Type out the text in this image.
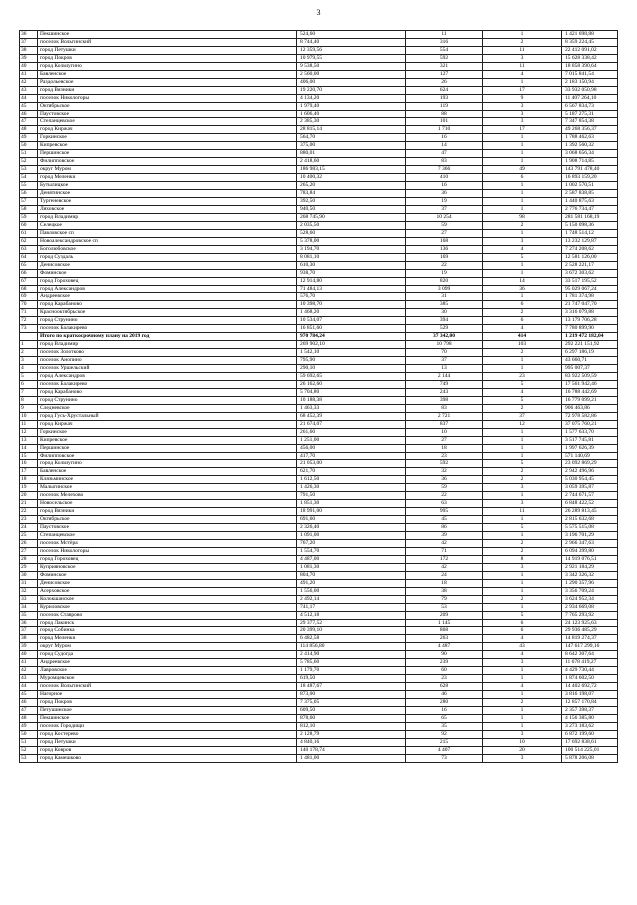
3
36	Пекшинское	524,60	11	1	1 421 698,88
37	поселок Вольгинский	8 744,40	316	2	8 359 224,45
38	город Петушки	12 359,56	554	11	22 412 091,02
39	город Покров	10 979,55	592	3	15 628 338,42
40	город Кольчугино	9 538,50	321	11	18 858 390,64
41	Бавленское	2 560,00	127	4	7 015 841,54
42	Раздольевское	406,00	26	1	2 183 150,94
43	город Вязники	19 220,70	624	17	33 932 050,98
44	поселок Никологоры	4 134,20	193	9	11 407 264,10
45	Октябрьское	1 979,40	119	3	6 567 834,73
46	Паустовское	1 606,40	88	3	5 187 275,31
47	Степанцевское	2 385,30	101	3	7 347 854,38
48	город Киржач	28 815,14	1 710	17	49 268 356,37
49	Горкинское	564,70	16	1	1 788 462,63
50	Кипревское	375,00	14	1	1 392 560,32
51	Першинское	880,01	47	1	3 068 656,34
52	Филипповское	2 418,60	83	1	1 908 714,85
53	округ Муром	186 983,15	7 366	49	143 791 478,40
54	город Меленки	10 400,32	410	6	16 893 159,20
55	Бутылицкое	265,20	16	1	1 002 570,51
56	Денятинское	783,84	36	1	2 587 838,85
57	Тургеневское	392,50	19	1	1 440 875,63
58	Ляховское	940,50	37	1	2 776 734,47
59	город Владимир	268 745,90	10 254	98	281 581 168,19
60	Селецкое	2 035,50	59	2	5 150 098,36
61	Павловское сп	528,60	27	1	1 748 514,12
62	Новоалександровское сп	5 378,00	168	3	13 232 129,87
63	Боголюбовское	3 194,70	136	4	7 274 208,62
64	город Суздаль	8 081,10	169	5	12 581 126,00
65	Денисовское	610,30	22	1	2 528 221,17
66	Фоминское	938,70	19	1	3 672 303,62
67	город Гороховец	12 914,80	820	14	33 517 195,52
68	город Александров	71 484,13	3 099	36	95 029 067,24
69	Андреевское	576,70	31	1	1 781 374,98
70	город Карабаново	10 398,70	385	6	21 747 047,70
71	Краснооктябрьское	1 468,20	30	2	3 316 079,88
72	город Струнино	10 534,07	394	6	13 179 706,28
73	поселок Балакирево	16 851,60	529	4	7 780 899,90
	Итого по краткосрочному плану на 2019 год	970 784,24	37 342,00	414	1 219 472 182,04
1	город Владимир	269 902,10	10 798	103	292 221 151,92
2	поселок Золотково	1 542,10	70	2	6 297 186,19
3	поселок Анопино	795,90	37	1	43 660,71
4	поселок Уршельский	290,10	13	1	995 007,37
5	город Александров	59 692,65	2 144	23	83 922 509,59
6	поселок Балакирево	26 162,60	749	5	17 561 942,46
7	город Карабаново	5 704,80	243	4	16 788 442,69
8	город Струнино	10 188,38	398	5	16 779 099,21
9	Следневское	1 463,33	83	2	906 463,86
10	город Гусь-Хрустальный	68 452,39	2 721	37	72 978 582,86
11	город Киржач	21 674,07	837	12	37 075 760,21
12	Горкинское	261,60	10	1	1 577 633,70
13	Кипревское	1 251,00	27	1	3 517 745,81
14	Першинское	456,00	18	1	1 997 626,39
15	Филипповское	417,70	23	1	571 140,69
16	город Кольчугино	21 053,00	592	5	23 092 869,29
17	Бавленское	621,70	32	2	2 942 496,96
18	Клязьминское	1 612,50	36	2	5 030 954,45
19	Малыгинское	1 426,30	59	3	3 059 395,87
20	поселок Мелехово	791,50	22	1	2 744 671,57
21	Новосельское	1 851,30	63	3	6 848 422,52
22	город Вязники	18 991,00	995	11	26 289 813,45
23	Октябрьское	691,60	45	1	2 815 632,68
24	Паустовское	2 326,40	86	5	5 575 515,08
25	Степанцевское	1 091,00	39	1	3 196 701,29
26	поселок Мстёра	767,20	42	2	2 966 347,63
27	поселок Никологоры	1 554,70	71	2	6 094 399,80
28	город Гороховец	4 487,00	172	8	14 919 076,51
29	Куприяновское	1 081,30	42	3	2 921 184,29
30	Фоминское	804,70	24	1	3 342 326,32
31	Денисовское	491,20	18	1	1 290 357,96
32	Асерховское	1 556,00	38	1	3 356 709,24
33	Колокшанское	2 492,14	79	2	3 624 952,34
34	Куриловское	741,17	53	1	2 934 669,08
35	поселок Ставрово	4 512,18	209	5	7 765 293,92
36	город Лакинск	29 377,52	1 145	6	24 123 925,63
37	город Собинка	20 399,10	868	6	29 936 485,29
38	город Меленки	6 482,58	263	4	14 819 274,37
39	округ Муром	114 856,80	4 487	43	147 617 299,16
40	город Судогда	2 414,90	90	4	8 642 307,64
41	Андреевское	5 785,60	239	3	11 678 419,27
42	Лавровское	1 179,70	60	1	4 429 730,44
43	Муромцевское	619,50	23	1	1 874 602,50
44	поселок Вольгинский	18 487,67	628	4	14 402 692,72
45	Нагорное	873,00	46	1	3 816 198,07
46	город Покров	7 375,05	280	2	12 857 170,84
47	Петушинское	609,50	16	1	2 357 398,37
48	Пекшинское	878,60	65	1	4 156 385,80
49	поселок Городищи	812,10	35	1	3 273 183,62
50	город Костерево	2 128,79	92	3	6 872 199,60
51	город Петушки	4 840,16	215	10	17 692 838,61
52	город Ковров	140 178,74	4 407	20	100 514 225,01
53	город Камешково	1 481,00	73	3	5 878 206,08
